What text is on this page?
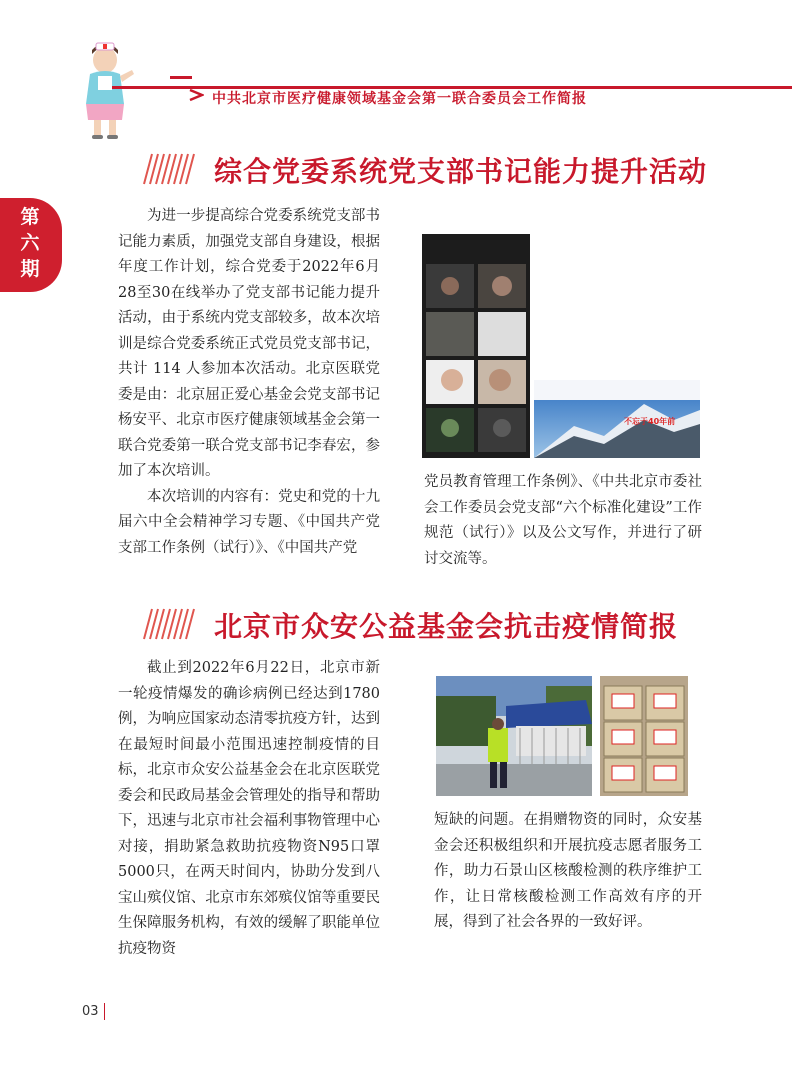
中共北京市医疗健康领域基金会第一联合委员会工作简报
第
六
期
综合党委系统党支部书记能力提升活动

为进一步提高综合党委系统党支部书记能力素质，加强党支部自身建设，根据年度工作计划，综合党委于2022年6月28至30在线举办了党支部书记能力提升活动，由于系统内党支部较多，故本次培训是综合党委系统正式党员党支部书记，共计 114 人参加本次活动。北京医联党委是由：北京屈正爱心基金会党支部书记杨安平、北京市医疗健康领域基金会第一联合党委第一联合党支部书记李春宏，参加了本次培训。

本次培训的内容有：党史和党的十九届六中全会精神学习专题、《中国共产党支部工作条例（试行）》、《中国共产党

不忘于40年前

党员教育管理工作条例》、《中共北京市委社会工作委员会党支部“六个标准化建设”工作规范（试行）》以及公文写作，并进行了研讨交流等。

北京市众安公益基金会抗击疫情简报

截止到2022年6月22日，北京市新一轮疫情爆发的确诊病例已经达到1780例，为响应国家动态清零抗疫方针，达到在最短时间最小范围迅速控制疫情的目标，北京市众安公益基金会在北京医联党委会和民政局基金会管理处的指导和帮助下，迅速与北京市社会福利事物管理中心对接，捐助紧急救助抗疫物资N95口罩5000只，在两天时间内，协助分发到八宝山殡仪馆、北京市东郊殡仪馆等重要民生保障服务机构，有效的缓解了职能单位抗疫物资

短缺的问题。在捐赠物资的同时，众安基金会还积极组织和开展抗疫志愿者服务工作，助力石景山区核酸检测的秩序维护工作，让日常核酸检测工作高效有序的开展，得到了社会各界的一致好评。

03
